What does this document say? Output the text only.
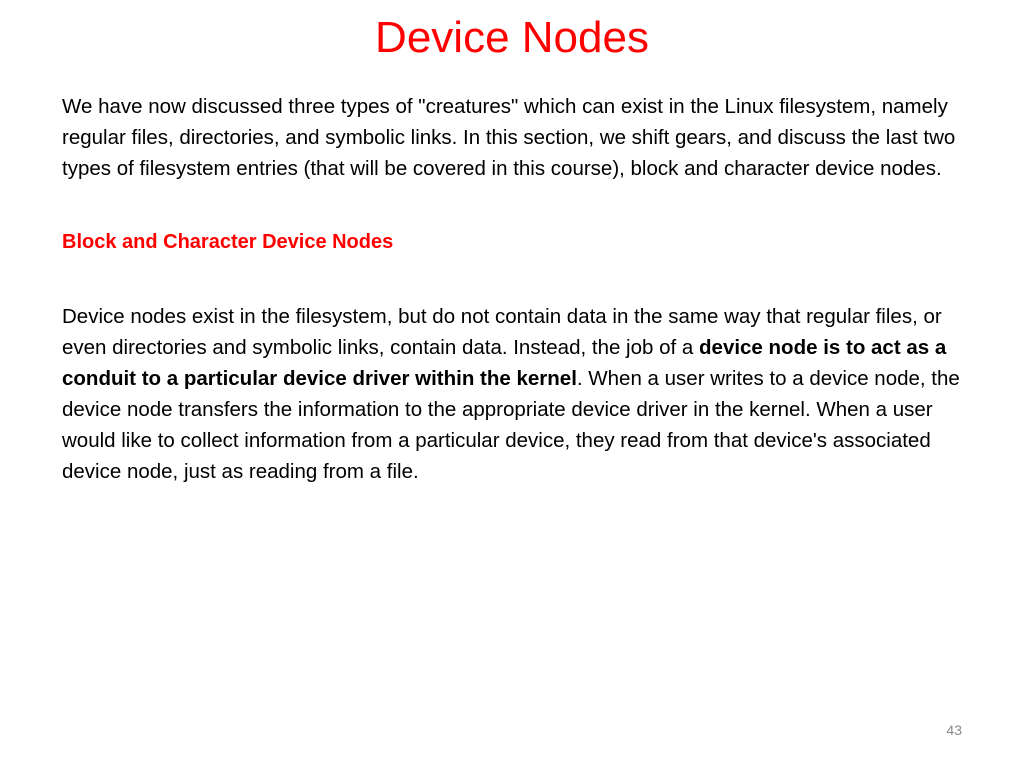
Device Nodes

We have now discussed three types of "creatures" which can exist in the Linux filesystem, namely regular files, directories, and symbolic links. In this section, we shift gears, and discuss the last two types of filesystem entries (that will be covered in this course), block and character device nodes.

Block and Character Device Nodes

Device nodes exist in the filesystem, but do not contain data in the same way that regular files, or even directories and symbolic links, contain data. Instead, the job of a device node is to act as a conduit to a particular device driver within the kernel. When a user writes to a device node, the device node transfers the information to the appropriate device driver in the kernel. When a user would like to collect information from a particular device, they read from that device's associated device node, just as reading from a file.

43
